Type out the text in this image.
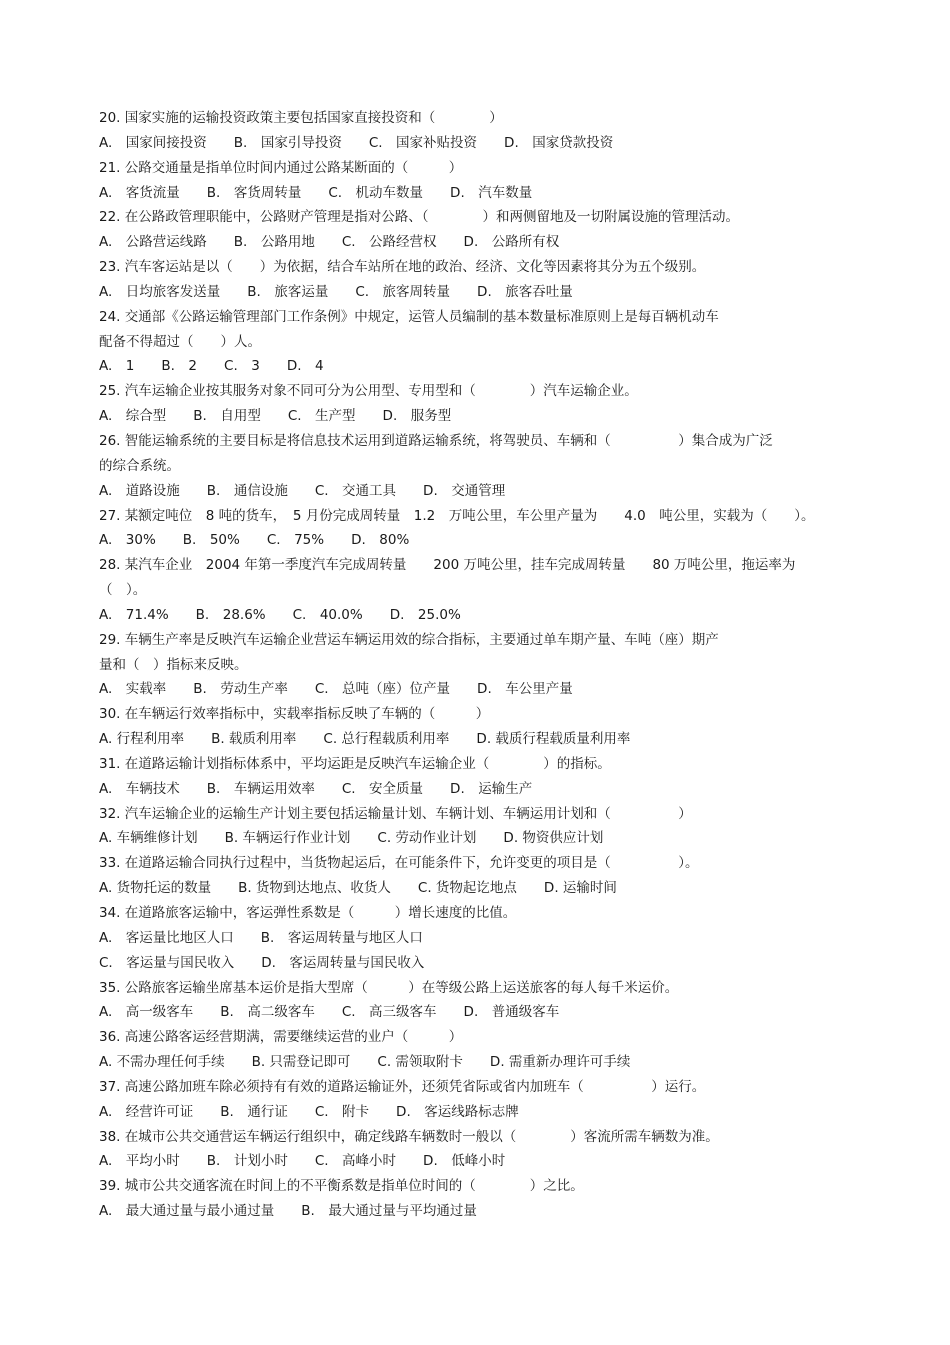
20. 国家实施的运输投资政策主要包括国家直接投资和（　　　　）
A.　国家间接投资　　B.　国家引导投资　　C.　国家补贴投资　　D.　国家贷款投资
21. 公路交通量是指单位时间内通过公路某断面的（　　　）
A.　客货流量　　B.　客货周转量　　C.　机动车数量　　D.　汽车数量
22. 在公路政管理职能中，公路财产管理是指对公路、（　　　　）和两侧留地及一切附属设施的管理活动。
A.　公路营运线路　　B.　公路用地　　C.　公路经营权　　D.　公路所有权
23. 汽车客运站是以（　　）为依据，结合车站所在地的政治、经济、文化等因素将其分为五个级别。
A.　日均旅客发送量　　B.　旅客运量　　C.　旅客周转量　　D.　旅客吞吐量
24. 交通部《公路运输管理部门工作条例》中规定，运管人员编制的基本数量标准原则上是每百辆机动车
配备不得超过（　　）人。
A.　1　　B.　2　　C.　3　　D.　4
25. 汽车运输企业按其服务对象不同可分为公用型、专用型和（　　　　）汽车运输企业。
A.　综合型　　B.　自用型　　C.　生产型　　D.　服务型
26. 智能运输系统的主要目标是将信息技术运用到道路运输系统，将驾驶员、车辆和（　　　　　）集合成为广泛
的综合系统。
A.　道路设施　　B.　通信设施　　C.　交通工具　　D.　交通管理
27. 某额定吨位　8 吨的货车，　5 月份完成周转量　1.2　万吨公里，车公里产量为　　4.0　吨公里，实载为（　　）。
A.　30%　　B.　50%　　C.　75%　　D.　80%
28. 某汽车企业　2004 年第一季度汽车完成周转量　　200 万吨公里，挂车完成周转量　　80 万吨公里，拖运率为
（　）。
A.　71.4%　　B.　28.6%　　C.　40.0%　　D.　25.0%
29. 车辆生产率是反映汽车运输企业营运车辆运用效的综合指标，主要通过单车期产量、车吨（座）期产
量和（　）指标来反映。
A.　实载率　　B.　劳动生产率　　C.　总吨（座）位产量　　D.　车公里产量
30. 在车辆运行效率指标中，实载率指标反映了车辆的（　　　）
A. 行程利用率　　B. 载质利用率　　C. 总行程载质利用率　　D. 载质行程载质量利用率
31. 在道路运输计划指标体系中，平均运距是反映汽车运输企业（　　　　）的指标。
A.　车辆技术　　B.　车辆运用效率　　C.　安全质量　　D.　运输生产
32. 汽车运输企业的运输生产计划主要包括运输量计划、车辆计划、车辆运用计划和（　　　　　）
A. 车辆维修计划　　B. 车辆运行作业计划　　C. 劳动作业计划　　D. 物资供应计划
33. 在道路运输合同执行过程中，当货物起运后，在可能条件下，允许变更的项目是（　　　　　）。
A. 货物托运的数量　　B. 货物到达地点、收货人　　C. 货物起讫地点　　D. 运输时间
34. 在道路旅客运输中，客运弹性系数是（　　　）增长速度的比值。
A.　客运量比地区人口　　B.　客运周转量与地区人口
C.　客运量与国民收入　　D.　客运周转量与国民收入
35. 公路旅客运输坐席基本运价是指大型席（　　　）在等级公路上运送旅客的每人每千米运价。
A.　高一级客车　　B.　高二级客车　　C.　高三级客车　　D.　普通级客车
36. 高速公路客运经营期满，需要继续运营的业户（　　　）
A. 不需办理任何手续　　B. 只需登记即可　　C. 需领取附卡　　D. 需重新办理许可手续
37. 高速公路加班车除必须持有有效的道路运输证外，还须凭省际或省内加班车（　　　　　）运行。
A.　经营许可证　　B.　通行证　　C.　附卡　　D.　客运线路标志牌
38. 在城市公共交通营运车辆运行组织中，确定线路车辆数时一般以（　　　　）客流所需车辆数为准。
A.　平均小时　　B.　计划小时　　C.　高峰小时　　D.　低峰小时
39. 城市公共交通客流在时间上的不平衡系数是指单位时间的（　　　　）之比。
A.　最大通过量与最小通过量　　B.　最大通过量与平均通过量
